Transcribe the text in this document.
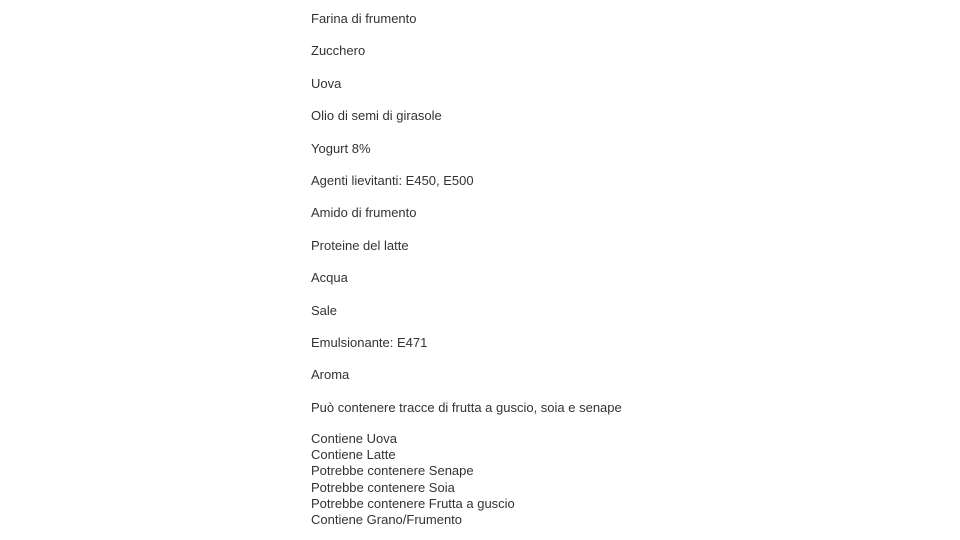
Farina di frumento

Zucchero

Uova

Olio di semi di girasole

Yogurt 8%

Agenti lievitanti: E450, E500

Amido di frumento

Proteine del latte

Acqua

Sale

Emulsionante: E471

Aroma

Può contenere tracce di frutta a guscio, soia e senape

Contiene Uova
Contiene Latte
Potrebbe contenere Senape
Potrebbe contenere Soia
Potrebbe contenere Frutta a guscio
Contiene Grano/Frumento
